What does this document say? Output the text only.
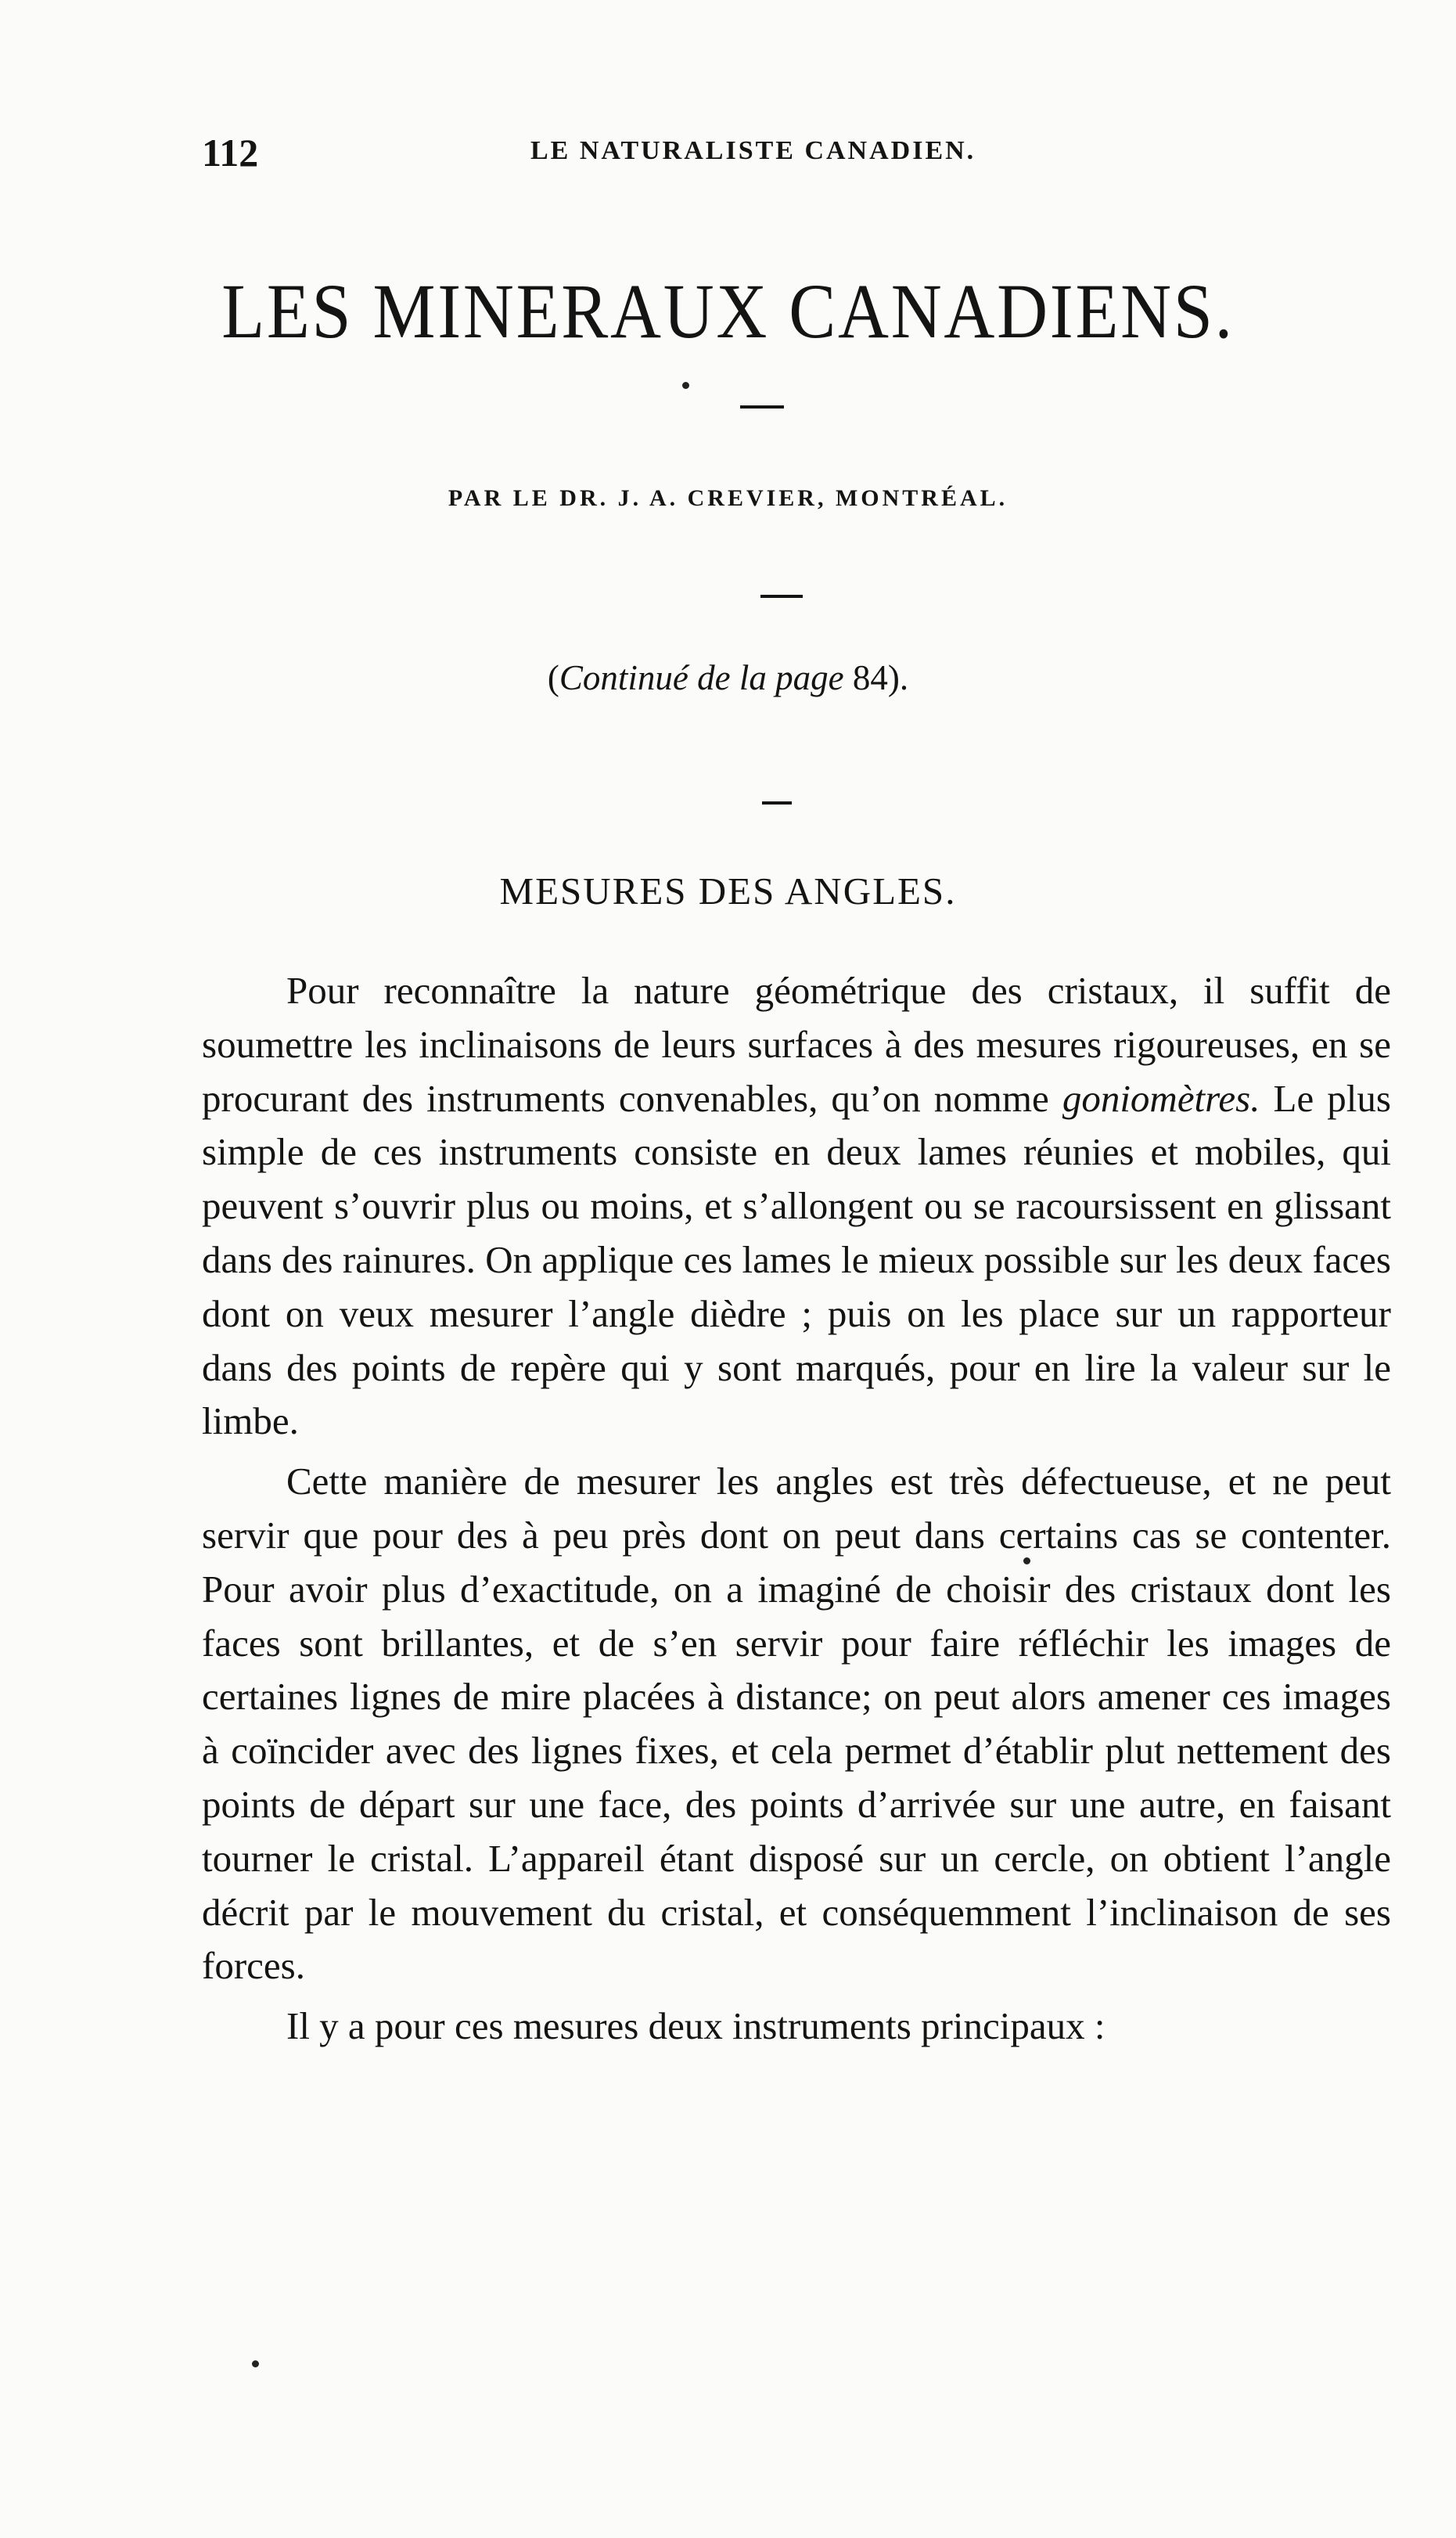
112	LE NATURALISTE CANADIEN.
LES MINERAUX CANADIENS.
PAR LE DR. J. A. CREVIER, MONTRÉAL.
(Continué de la page 84).
MESURES DES ANGLES.

Pour reconnaître la nature géométrique des cristaux, il suffit de soumettre les inclinaisons de leurs surfaces à des mesures rigoureuses, en se procurant des instruments convenables, qu’on nomme goniomètres. Le plus simple de ces instruments consiste en deux lames réunies et mobiles, qui peuvent s’ouvrir plus ou moins, et s’allongent ou se racoursissent en glissant dans des rainures. On applique ces lames le mieux possible sur les deux faces dont on veux mesurer l’angle dièdre ; puis on les place sur un rapporteur dans des points de repère qui y sont marqués, pour en lire la valeur sur le limbe.

Cette manière de mesurer les angles est très défectueuse, et ne peut servir que pour des à peu près dont on peut dans certains cas se contenter. Pour avoir plus d’exactitude, on a imaginé de choisir des cristaux dont les faces sont brillantes, et de s’en servir pour faire réfléchir les images de certaines lignes de mire placées à distance; on peut alors amener ces images à coïncider avec des lignes fixes, et cela permet d’établir plut nettement des points de départ sur une face, des points d’arrivée sur une autre, en faisant tourner le cristal. L’appareil étant disposé sur un cercle, on obtient l’angle décrit par le mouvement du cristal, et conséquemment l’inclinaison de ses forces.

Il y a pour ces mesures deux instruments principaux :
